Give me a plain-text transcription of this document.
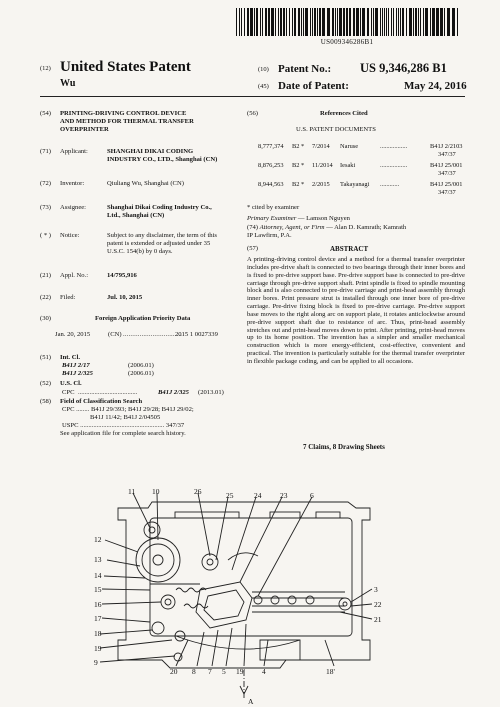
US009346286B1
(12) United States Patent
Wu
(10) Patent No.: US 9,346,286 B1
(45) Date of Patent:	May 24, 2016
(54) PRINTING-DRIVING CONTROL DEVICE
AND METHOD FOR THERMAL TRANSFER
OVERPRINTER
(71) Applicant:	SHANGHAI DIKAI CODING
INDUSTRY CO., LTD., Shanghai (CN)
(72) Inventor:	Qiuliang Wu, Shanghai (CN)
(73) Assignee:	Shanghai Dikai Coding Industry Co.,
Ltd., Shanghai (CN)
( * ) Notice:	Subject to any disclaimer, the term of this
patent is extended or adjusted under 35
U.S.C. 154(b) by 0 days.
(21) Appl. No.:	14/795,916
(22) Filed:	Jul. 10, 2015
(30)	Foreign Application Priority Data
Jan. 20, 2015	(CN) ................................
2015 1 0027339
(51) Int. Cl.
B41J 2/17	(2006.01)
B41J 2/325	(2006.01)
(52) U.S. Cl.
CPC ....................................	B41J 2/325 (2013.01)
(58) Field of Classification Search
CPC ........ B41J 29/393; B41J 29/28; B41J 29/02;
B41J 11/42; B41J 2/04505
USPC ................................................... 347/37
See application file for complete search history.
(56)	References Cited
U.S. PATENT DOCUMENTS
8,777,374	B2 *	7/2014	Naruse	.................	B41J 2/2103
347/37
8,876,253	B2 *	11/2014	Iesaki	.................	B41J 25/001
347/37
8,944,563	B2 *	2/2015	Takayanagi	............	B41J 25/001
347/37
* cited by examiner
Primary Examiner — Lamson Nguyen
(74) Attorney, Agent, or Firm — Alan D. Kamrath; Kamrath
IP Lawfirm, P.A.
(57)	ABSTRACT
A printing-driving control device and a method for a thermal transfer overprinter includes pre-drive shaft is connected to two bearings through their inner bores and is fixed to pre-drive support base. Pre-drive support base is connected to pre-drive carriage through pre-drive support shaft. Print spindle is fixed to spindle mounting block and is also connected to pre-drive carriage and print-head assembly through inner bores. Print pressure strut is installed through one inner bore of pre-drive carriage. Pre-drive fixing block is fixed to pre-drive carriage. Pre-drive support base moves to the right along arc on support plate, it rotates anticlockwise around pre-drive support shaft due to resistance of arc. Thus, print-head assembly stretches out and print-head moves down to print. After printing, print-head moves up to its home position. The invention has a simpler and smaller mechanical construction which is more energy-efficient, cost-effective, convenient and practical. The invention is particularly suitable for the thermal transfer overprinter in flexible package coding, and can be applied to all occasions.
7 Claims, 8 Drawing Sheets
11 10	26	25	24 23	6
12
13
14
15
16
17
18
19
9
3
22
21
20 8 7 5 19' 4	18'
A
